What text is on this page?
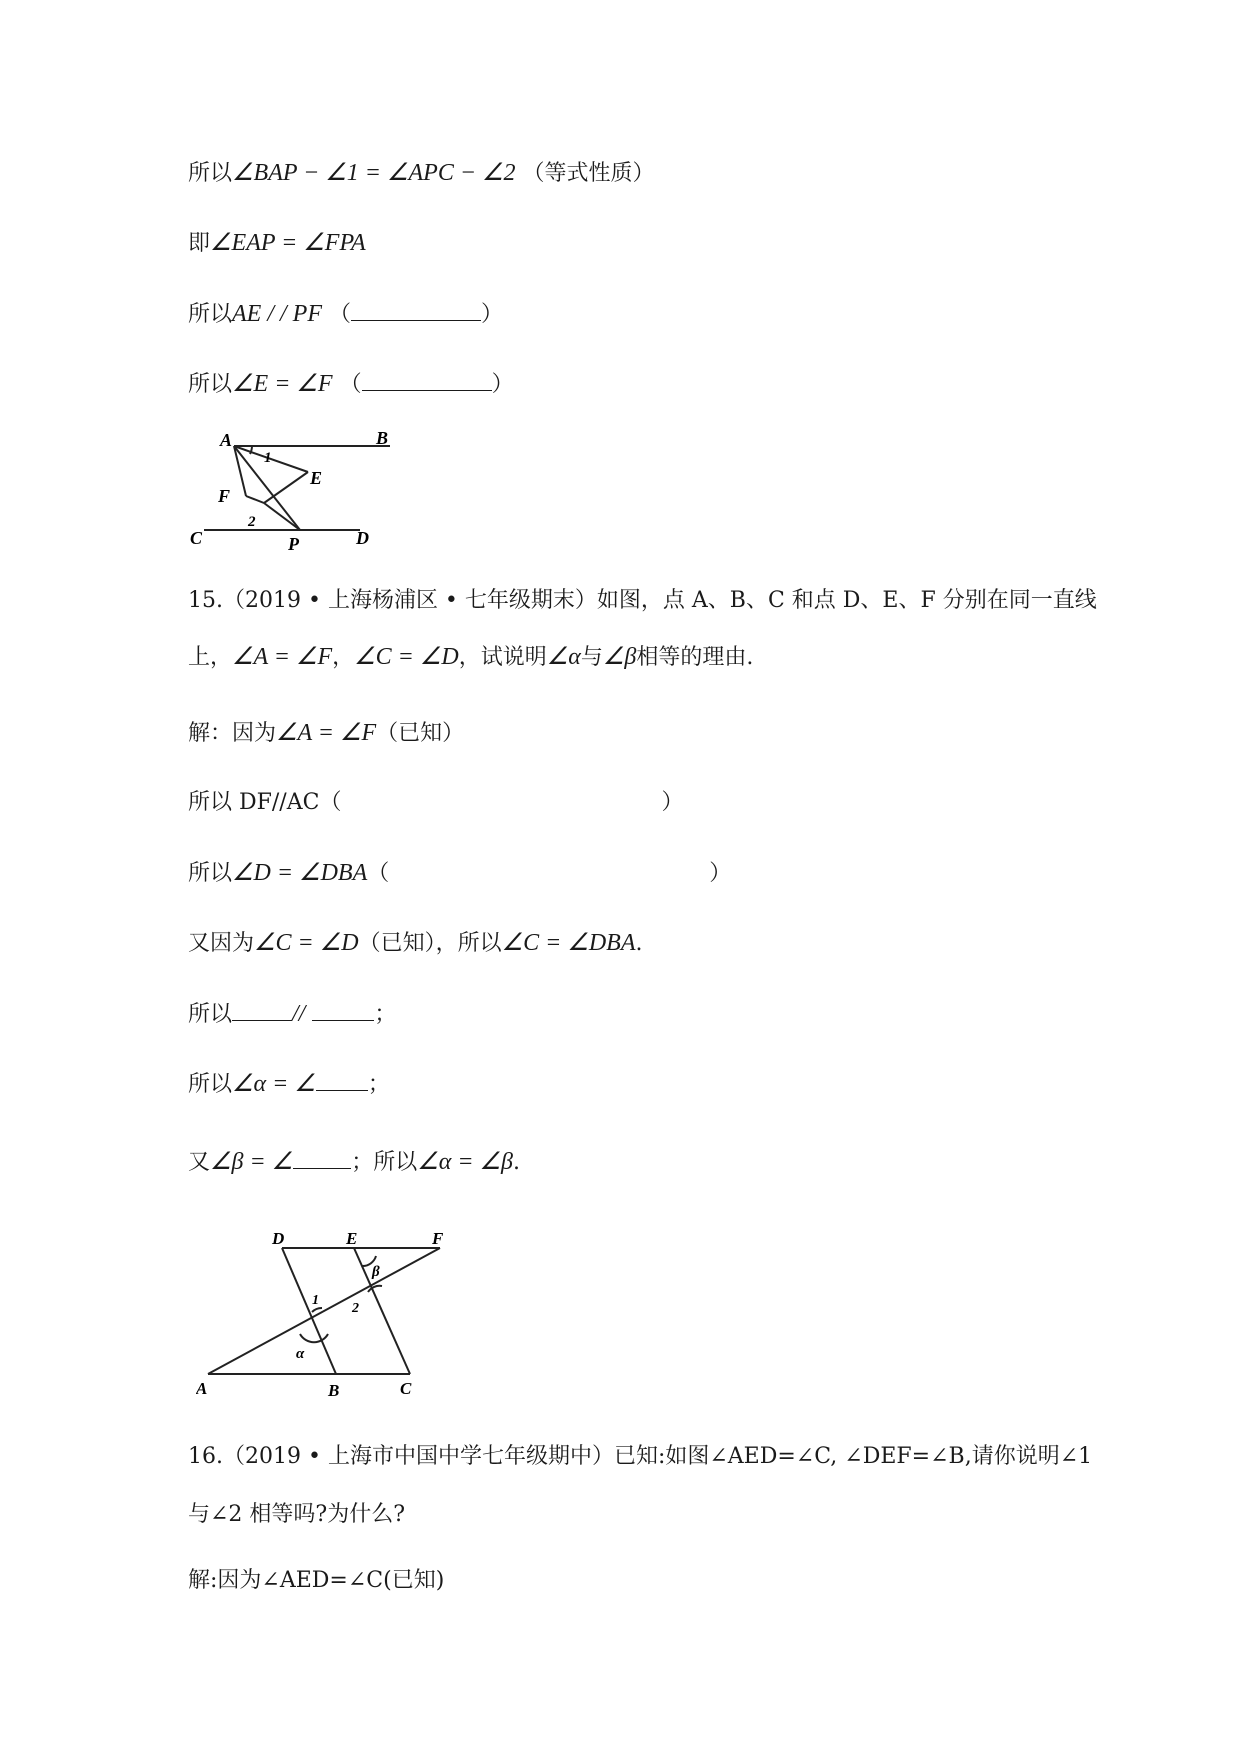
所以∠BAP − ∠1 = ∠APC − ∠2 （等式性质）
即∠EAP = ∠FPA
所以AE / / PF （	）
所以∠E = ∠F （	）
A	B
C	D
E
F
P
1
2
15.（2019 • 上海杨浦区 • 七年级期末）如图，点 A、B、C 和点 D、E、F 分别在同一直线
上，∠A = ∠F，∠C = ∠D，试说明∠α与∠β相等的理由.
解：因为∠A = ∠F（已知）
所以 DF//AC（	）
所以∠D = ∠DBA（	）
又因为∠C = ∠D（已知），所以∠C = ∠DBA.
所以	//	；
所以∠α = ∠ ；
又∠β = ∠	；所以∠α = ∠β.
D	E	F
A	B	C
1
2
α
β
16.（2019 • 上海市中国中学七年级期中）已知:如图∠AED=∠C, ∠DEF=∠B,请你说明∠1
与∠2 相等吗?为什么?
解:因为∠AED=∠C(已知)
